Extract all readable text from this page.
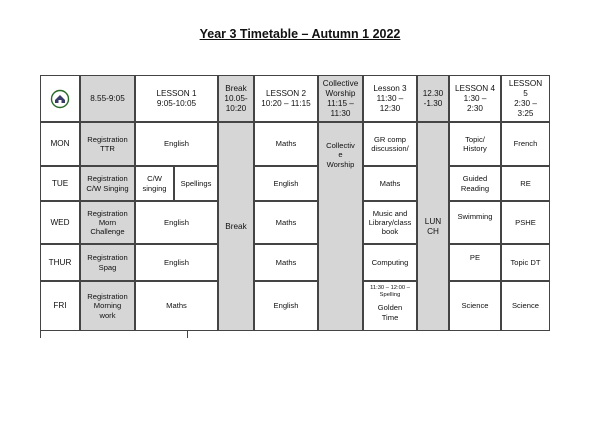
Year 3 Timetable – Autumn 1 2022
8.55-9:05
LESSON 1
9:05-10:05
Break
10.05-
10:20
LESSON 2
10:20 – 11:15
Collective
Worship
11:15 –
11:30
Lesson 3
11:30 –
12:30
12.30
-1.30
LESSON 4
1:30 –
2:30
LESSON
5
2:30 –
3:25
MON
TUE
WED
THUR
FRI
Registration
TTR
Registration
C/W Singing
Registration
Morn
Challenge
Registration
Spag
Registration
Morning
work
English
C/W
singing
Spellings
English
English
Maths
Break
Maths
English
Maths
Maths
English
Collectiv
e
Worship
GR comp
discussion/
Maths
Music and
Library/class
book
Computing
11:30 – 12:00 –
Spelling
Golden
Time
LUN
CH
Topic/
History
Guided
Reading
Swimming
PE
Science
French
RE
PSHE
Topic DT
Science
